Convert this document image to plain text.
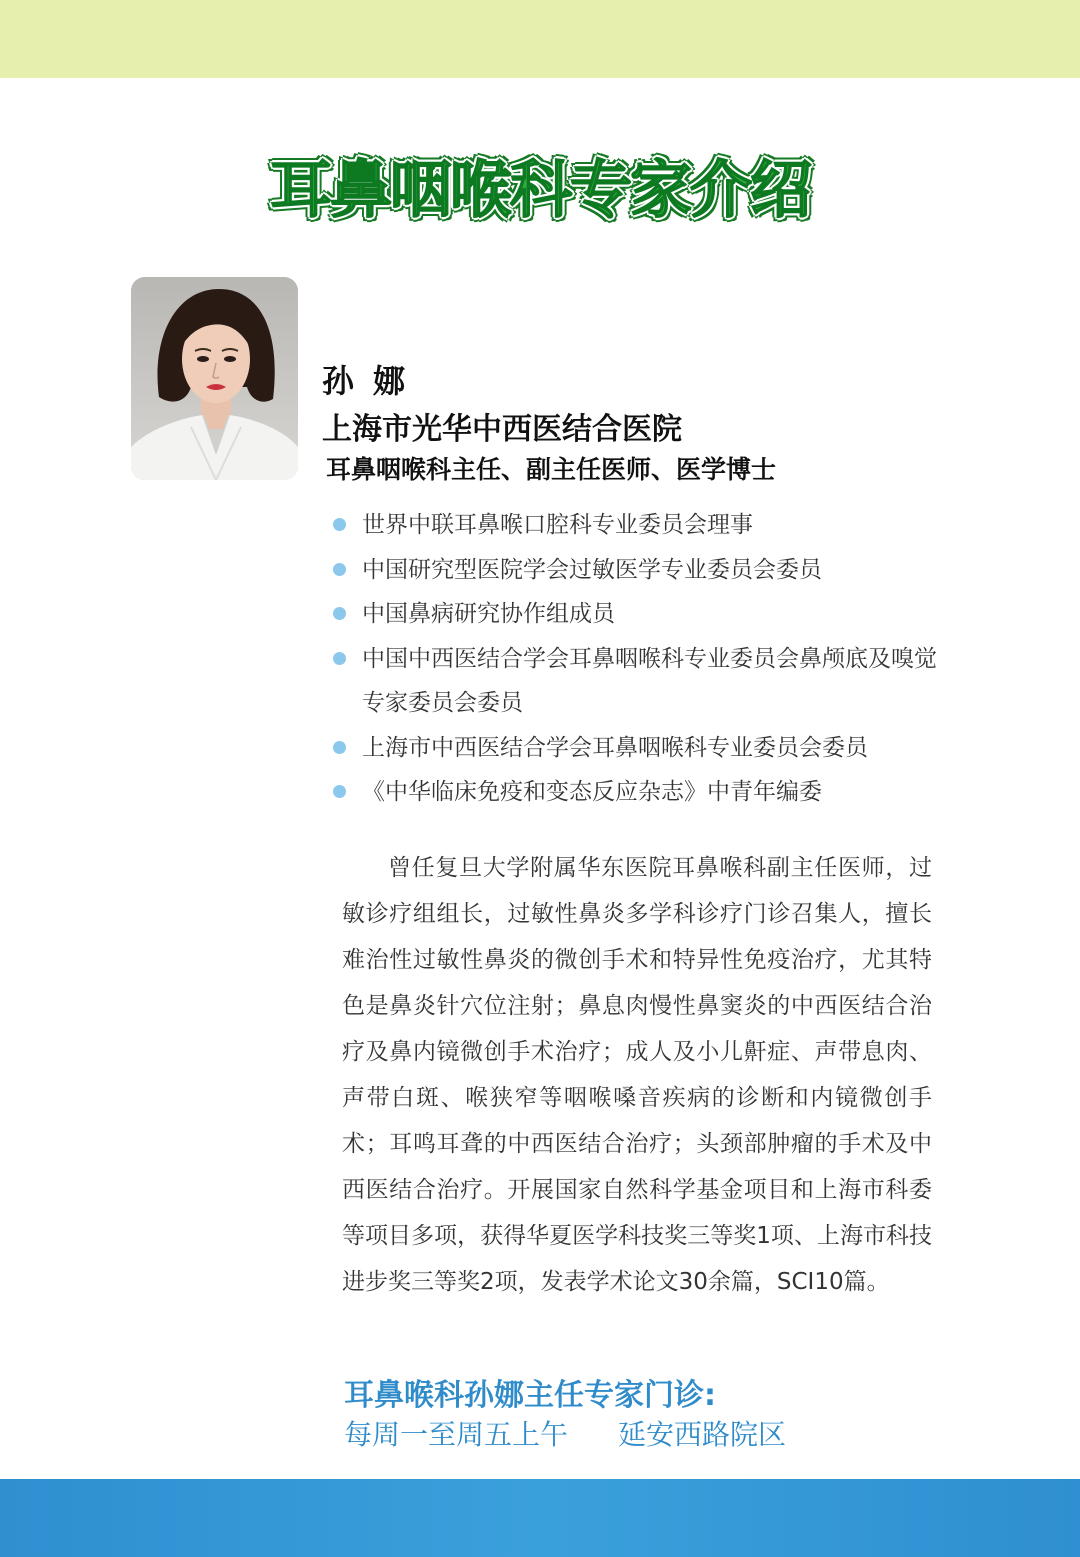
耳鼻咽喉科专家介绍
孙 娜
上海市光华中西医结合医院
耳鼻咽喉科主任、副主任医师、医学博士
世界中联耳鼻喉口腔科专业委员会理事
中国研究型医院学会过敏医学专业委员会委员
中国鼻病研究协作组成员
中国中西医结合学会耳鼻咽喉科专业委员会鼻颅底及嗅觉专家委员会委员
上海市中西医结合学会耳鼻咽喉科专业委员会委员
《中华临床免疫和变态反应杂志》中青年编委

曾任复旦大学附属华东医院耳鼻喉科副主任医师，过敏诊疗组组长，过敏性鼻炎多学科诊疗门诊召集人，擅长难治性过敏性鼻炎的微创手术和特异性免疫治疗，尤其特色是鼻炎针穴位注射；鼻息肉慢性鼻窦炎的中西医结合治疗及鼻内镜微创手术治疗；成人及小儿鼾症、声带息肉、声带白斑、喉狭窄等咽喉嗓音疾病的诊断和内镜微创手术；耳鸣耳聋的中西医结合治疗；头颈部肿瘤的手术及中西医结合治疗。开展国家自然科学基金项目和上海市科委等项目多项，获得华夏医学科技奖三等奖1项、上海市科技进步奖三等奖2项，发表学术论文30余篇，SCI10篇。

耳鼻喉科孙娜主任专家门诊:
每周一至周五上午 延安西路院区
